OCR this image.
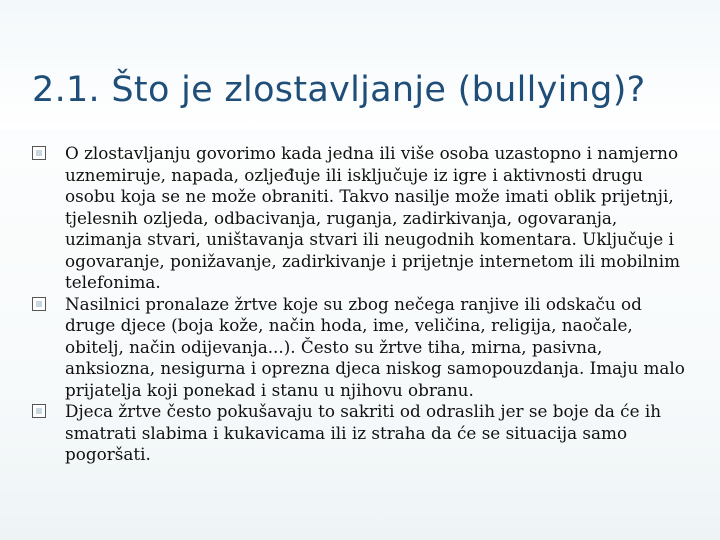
2.1. Što je zlostavljanje (bullying)?
O zlostavljanju govorimo kada jedna ili više osoba uzastopno i namjerno uznemiruje, napada, ozljeđuje ili isključuje iz igre i aktivnosti drugu osobu koja se ne može obraniti. Takvo nasilje može imati oblik prijetnji, tjelesnih ozljeda, odbacivanja, ruganja, zadirkivanja, ogovaranja, uzimanja stvari, uništavanja stvari ili neugodnih komentara. Uključuje i ogovaranje, ponižavanje, zadirkivanje i prijetnje internetom ili mobilnim telefonima.
Nasilnici pronalaze žrtve koje su zbog nečega ranjive ili odskaču od druge djece (boja kože, način hoda, ime, veličina, religija, naočale, obitelj, način odijevanja...). Često su žrtve tiha, mirna, pasivna, anksiozna, nesigurna i oprezna djeca niskog samopouzdanja. Imaju malo prijatelja koji ponekad i stanu u njihovu obranu.
Djeca žrtve često pokušavaju to sakriti od odraslih jer se boje da će ih smatrati slabima i kukavicama ili iz straha da će se situacija samo pogoršati.
